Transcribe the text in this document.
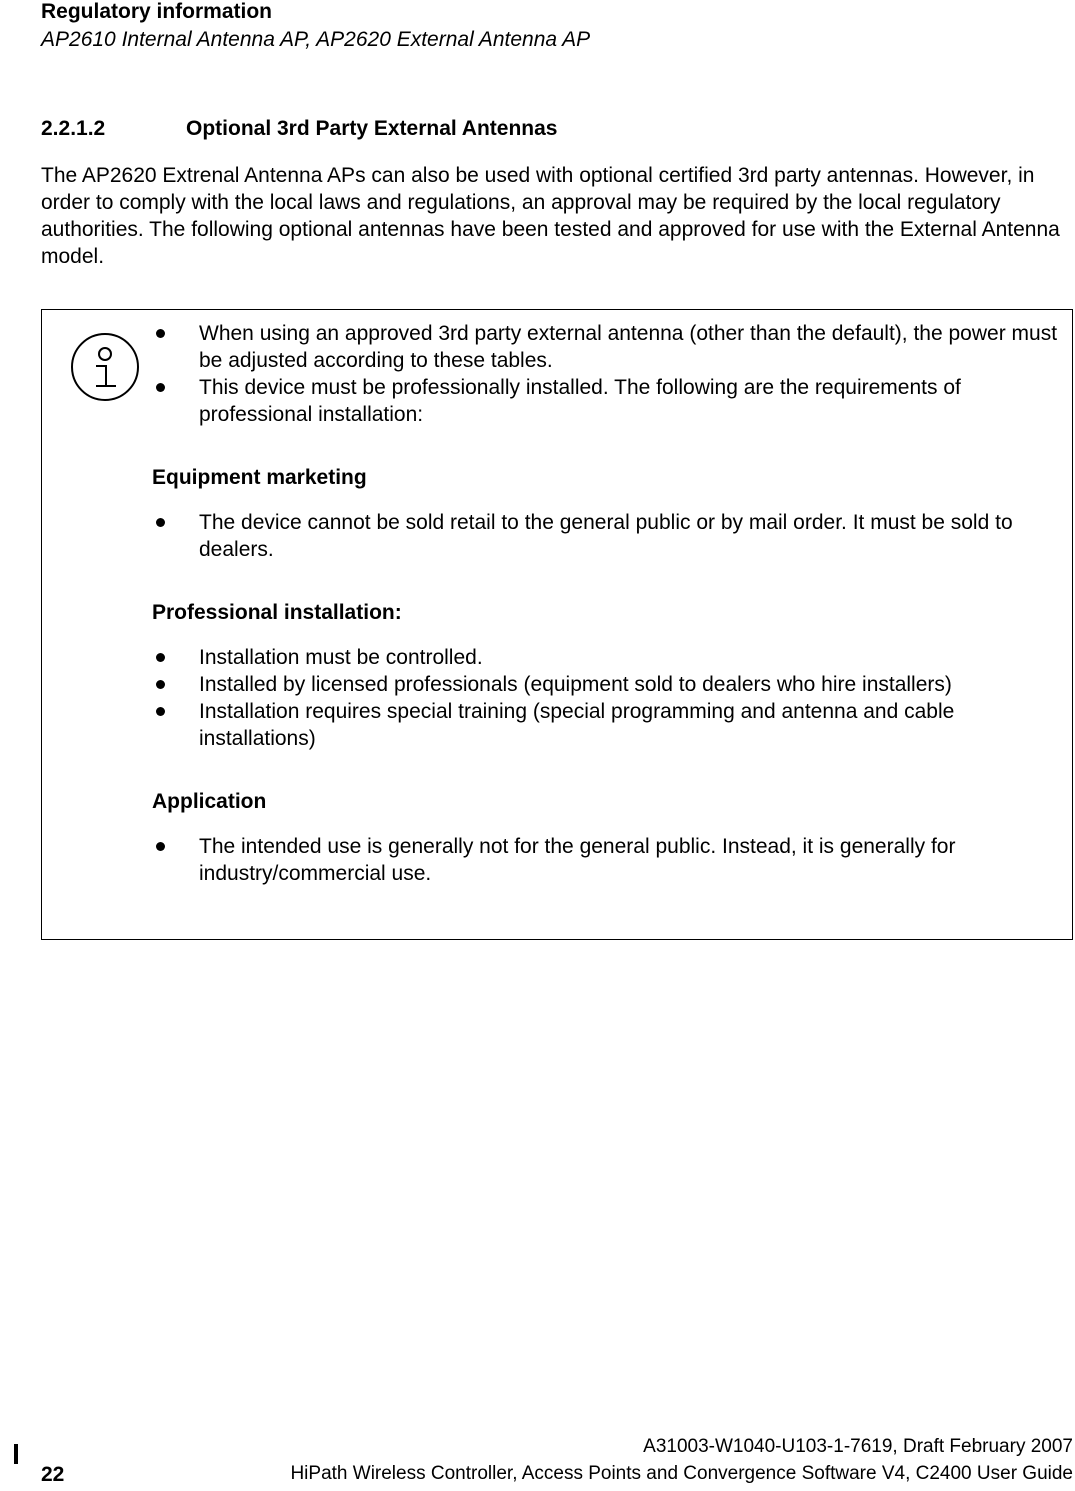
Regulatory information
AP2610 Internal Antenna AP, AP2620 External Antenna AP
2.2.1.2	Optional 3rd Party External Antennas

The AP2620 Extrenal Antenna APs can also be used with optional certified 3rd party antennas. However, in order to comply with the local laws and regulations, an approval may be required by the local regulatory authorities. The following optional antennas have been tested and approved for use with the External Antenna model.

When using an approved 3rd party external antenna (other than the default), the power must be adjusted according to these tables.
This device must be professionally installed. The following are the requirements of professional installation:

Equipment marketing

The device cannot be sold retail to the general public or by mail order. It must be sold to dealers.

Professional installation:

Installation must be controlled.
Installed by licensed professionals (equipment sold to dealers who hire installers)
Installation requires special training (special programming and antenna and cable installations)

Application

The intended use is generally not for the general public. Instead, it is generally for industry/commercial use.
22
A31003-W1040-U103-1-7619, Draft February 2007
HiPath Wireless Controller, Access Points and Convergence Software V4, C2400 User Guide
